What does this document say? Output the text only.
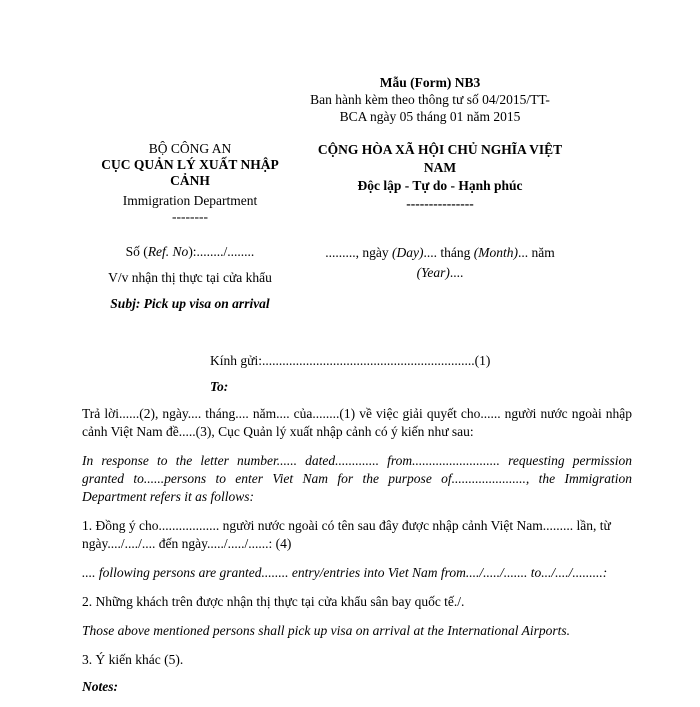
Mẫu (Form) NB3
Ban hành kèm theo thông tư số 04/2015/TT-
BCA ngày 05 tháng 01 năm 2015
BỘ CÔNG AN
CỤC QUẢN LÝ XUẤT NHẬP
CẢNH
Immigration Department
--------
CỘNG HÒA XÃ HỘI CHỦ NGHĨA VIỆT
NAM
Độc lập - Tự do - Hạnh phúc
---------------
Số (Ref. No):......../........
V/v nhận thị thực tại cửa khẩu
Subj: Pick up visa on arrival
........., ngày (Day).... tháng (Month)... năm
(Year)....
Kính gửi:...............................................................(1)
To:

Trả lời......(2), ngày.... tháng.... năm.... của........(1) về việc giải quyết cho...... người nước ngoài nhập cảnh Việt Nam đề.....(3), Cục Quản lý xuất nhập cảnh có ý kiến như sau:

In response to the letter number...... dated............. from.......................... requesting permission granted to......persons to enter Viet Nam for the purpose of......................, the Immigration Department refers it as follows:

1. Đồng ý cho.................. người nước ngoài có tên sau đây được nhập cảnh Việt Nam......... lần, từ ngày..../..../.... đến ngày...../...../......: (4)

.... following persons are granted........ entry/entries into Viet Nam from..../...../....... to.../..../.........:

2. Những khách trên được nhận thị thực tại cửa khẩu sân bay quốc tế./.

Those above mentioned persons shall pick up visa on arrival at the International Airports.

3. Ý kiến khác (5).

Notes:
